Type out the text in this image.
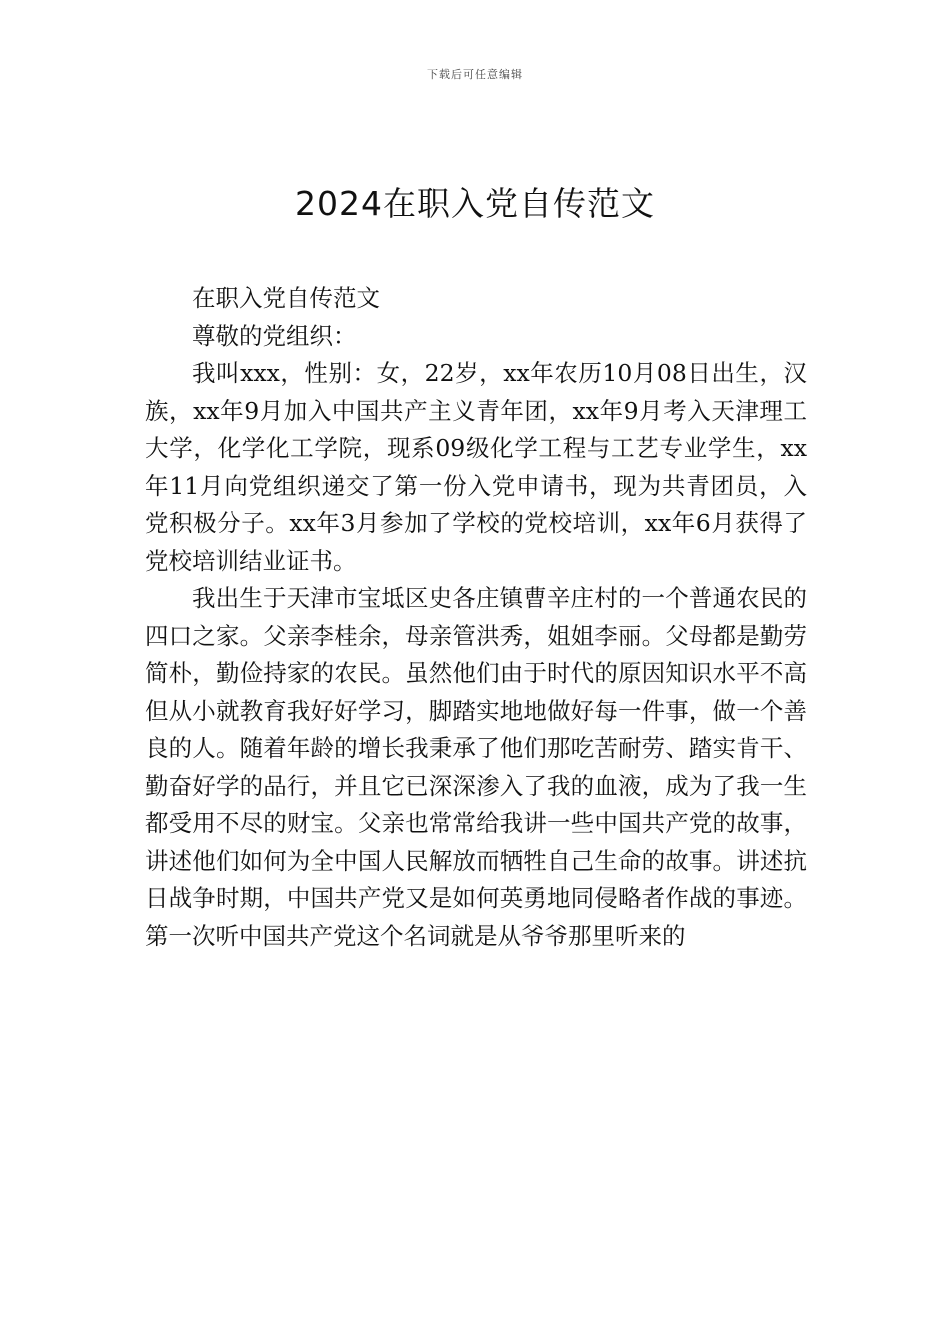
下载后可任意编辑
2024在职入党自传范文

在职入党自传范文

尊敬的党组织：

我叫xxx，性别：女，22岁，xx年农历10月08日出生，汉族，xx年9月加入中国共产主义青年团，xx年9月考入天津理工大学，化学化工学院，现系09级化学工程与工艺专业学生，xx年11月向党组织递交了第一份入党申请书，现为共青团员，入党积极分子。xx年3月参加了学校的党校培训，xx年6月获得了党校培训结业证书。

我出生于天津市宝坻区史各庄镇曹辛庄村的一个普通农民的四口之家。父亲李桂余，母亲管洪秀，姐姐李丽。父母都是勤劳简朴，勤俭持家的农民。虽然他们由于时代的原因知识水平不高但从小就教育我好好学习，脚踏实地地做好每一件事，做一个善良的人。随着年龄的增长我秉承了他们那吃苦耐劳、踏实肯干、勤奋好学的品行，并且它已深深渗入了我的血液，成为了我一生都受用不尽的财宝。父亲也常常给我讲一些中国共产党的故事，讲述他们如何为全中国人民解放而牺牲自己生命的故事。讲述抗日战争时期，中国共产党又是如何英勇地同侵略者作战的事迹。第一次听中国共产党这个名词就是从爷爷那里听来的
